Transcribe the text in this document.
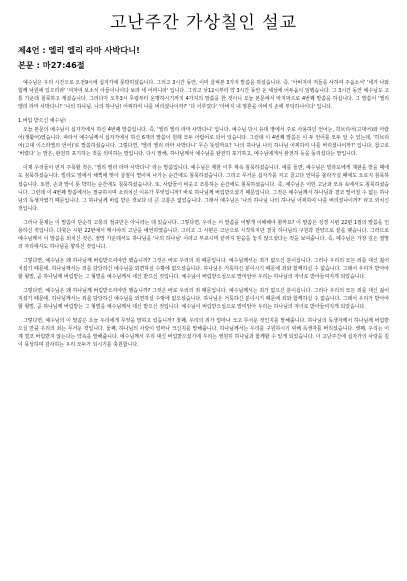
고난주간 가상칠인 설교
제4언 : 엘리 엘리 라마 사박다니!
본문 : 마27:46절

예수님은 우리 시간으로 오전9시에 십자가에 못박히셨습니다. 그리고 3시간 동안, 이미 살펴본 3가지 말씀을 하셨습니다. 즉, '아버지여 저들을 사하여 주옵소서' '네가 나와 함께 낙원에 있으리라' '여자여 보소서 아들이니이다 보라 네 어머니라' 입니다. 그리고 낮12시부터 약 3시간 동안 온 세상에 어두움이 임했습니다. 그 3시간 동안 예수님도 고통 가운데 침묵하고 계셨습니다. 그러다가 오후3시 무렵부터 운명하시기까지 4가지의 말씀을 한 것이니 오늘 본문에서 마지막으로 4번째 말씀을 하십니다. 그 말씀이 '엘리 엘리 라마 사박다니!' '나의 하나님, 나의 하나님! 어찌하여 나를 버리셨나이까?' '다 이루었다' '아버지 내 영혼을 아버지 손에 부탁하나이다' 입니다.

1.버림 받으신 예수님!

오늘 본문의 예수님이 십자가에서 하신 4번째 말씀입니다. 즉, '엘리 엘리 라마 사박다니' 입니다. 예수님 당시 유대 땅에서 주로 사용하던 언어는, 히브리어(고대어)와 아람어(생활어)였습니다. 따라서 예수님께서 십자가에서 하신 6개의 말씀이 원래 모두 아람어로 되어 있습니다. 그런데 이 4번째 말씀은 이 두 언어를 모두 알 수 있는데, '히브리어(고대 이스라엘의 언어)'로 말씀하셨습니다. 그렇다면, '엘리 엘리 라마 사박다니' 무슨 뜻일까요? '나의 하나님 나의 하나님 어찌하여 나를 버리셨나이까?' 입니다. 참고로 '버렸다' 는 말은, 완전히 포기하는 것을 의미하는 말입니다. 다시 말해, 하나님께서 예수님을 완전히 포기하고, 예수님에게서 완전히 등을 돌리셨다는 말입니다.

이제 우리들이 먼저 주목할 것은, '엘리 엘리 라마 사박다니' 라는 말씀입니다. 예수님은 제한 이후 계속 침묵하셨습니다. 예를 들면, 예수님은 빌라도에게 재판을 받을 때에도 침묵하셨습니다. 빌라도 앞에서 채찍에 맞아 살점이 떨어져 나가는 순간에도 침묵하셨습니다. 그리고 무거운 십자가를 지고 골고다 언덕을 올라가실 때에도 오로지 침묵하셨습니다. 또한, 손과 발이 못 박히는 순간에도 침묵하셨습니다. 또, 사람들이 비웃고 조롱하는 순간에도 침묵하셨습니다. 즉, 예수님은 어떤 고난과 모욕 속에서도 침묵하셨습니다. 그런데 이 4번째 말씀에서는 절규하시며 소리치신 이유가 무엇입니까? 바로 하나님께 버림받으셨기 때문입니다. 그것은 예수님께서 하나님과 결코 떨어질 수 없는 하나님의 독생자였기 때문입니다. 그 하나님께 버림 받은 것보다 더 큰 고통은 없었습니다. 그래서 예수님은 '나의 하나님 나의 하나님 어찌하여 나를 버리셨나이까?' 라고 외치신 것입니다.

그러나 문제는 이 말씀이 단순히 고통의 절규만은 아니라는 데 있습니다. 그렇다면, 우리는 이 말씀을 어떻게 이해해야 할까요? 이 말씀은 성경 시편 22편 1절의 말씀을 인용하신 것입니다. 다윗은 시편 22편에서 메시야의 고난을 예언하였습니다. 그리고 그 시편은 고난으로 시작하지만 결국 하나님의 구원과 찬양으로 끝을 맺습니다. 그러므로 예수님께서 이 말씀을 외치신 것은, 절망 가운데서도 하나님을 '나의 하나님' 이라고 부르시며 끝까지 믿음을 놓지 않으셨다는 것을 보여줍니다. 즉, 예수님은 가장 깊은 절망의 자리에서도 하나님을 향하신 것입니다.

그렇다면, 예수님은 왜 하나님께 버림받으셔야만 했습니까? 그것은 바로 우리의 죄 때문입니다. 예수님께서는 죄가 없으신 분이십니다. 그러나 우리의 모든 죄를 대신 짊어지셨기 때문에, 하나님께서는 죄를 담당하신 예수님을 외면하실 수밖에 없으셨습니다. 하나님은 거룩하신 분이시기 때문에 죄와 함께하실 수 없습니다. 그래서 우리가 받아야 할 형벌, 곧 하나님께 버림받는 그 형벌을 예수님께서 대신 받으신 것입니다. 예수님이 버림받으심으로 말미암아 우리는 하나님의 자녀로 받아들여지게 되었습니다.

그렇다면, 예수님은 왜 하나님께 버림받으셔야만 했습니까? 그것은 바로 우리의 죄 때문입니다. 예수님께서는 죄가 없으신 분이십니다. 그러나 우리의 모든 죄를 대신 짊어지셨기 때문에, 하나님께서는 죄를 담당하신 예수님을 외면하실 수밖에 없으셨습니다. 하나님은 거룩하신 분이시기 때문에 죄와 함께하실 수 없습니다. 그래서 우리가 받아야 할 형벌, 곧 하나님께 버림받는 그 형벌을 예수님께서 대신 받으신 것입니다. 예수님이 버림받으심으로 말미암아 우리는 하나님의 자녀로 받아들여지게 되었습니다.

그렇다면, 예수님의 이 말씀은 오늘 우리에게 무엇을 말하고 있습니까? 첫째, 우리의 죄가 얼마나 크고 무서운 것인지를 말해줍니다. 하나님의 독생자께서 하나님께 버림받으실 만큼 우리의 죄는 무거운 것입니다. 둘째, 하나님의 사랑이 얼마나 크신지를 말해줍니다. 하나님께서는 우리를 구원하시기 위해 독생자를 버리셨습니다. 셋째, 우리는 이제 결코 버림받지 않는다는 약속을 말해줍니다. 예수님께서 우리 대신 버림받으셨기에 우리는 영원히 하나님과 함께할 수 있게 되었습니다. 이 고난주간에 십자가의 사랑을 깊이 묵상하며 감사하는 우리 모두가 되시기를 축원합니다.
